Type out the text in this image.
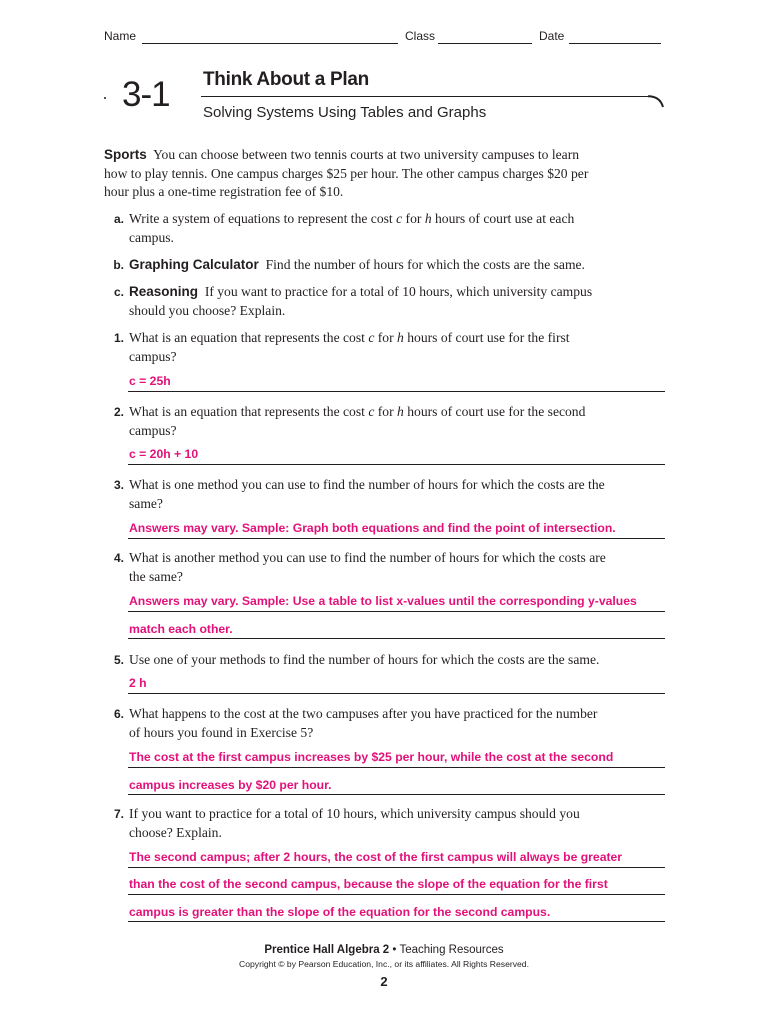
Name	Class	Date
3-1 Think About a Plan
Solving Systems Using Tables and Graphs
Sports You can choose between two tennis courts at two university campuses to learn how to play tennis. One campus charges $25 per hour. The other campus charges $20 per hour plus a one-time registration fee of $10.
a. Write a system of equations to represent the cost c for h hours of court use at each campus.
b. Graphing Calculator Find the number of hours for which the costs are the same.
c. Reasoning If you want to practice for a total of 10 hours, which university campus should you choose? Explain.
1. What is an equation that represents the cost c for h hours of court use for the first campus?
c = 25h
2. What is an equation that represents the cost c for h hours of court use for the second campus?
c = 20h + 10
3. What is one method you can use to find the number of hours for which the costs are the same?
Answers may vary. Sample: Graph both equations and find the point of intersection.
4. What is another method you can use to find the number of hours for which the costs are the same?
Answers may vary. Sample: Use a table to list x-values until the corresponding y-values
match each other.
5. Use one of your methods to find the number of hours for which the costs are the same.
2 h
6. What happens to the cost at the two campuses after you have practiced for the number of hours you found in Exercise 5?
The cost at the first campus increases by $25 per hour, while the cost at the second
campus increases by $20 per hour.
7. If you want to practice for a total of 10 hours, which university campus should you choose? Explain.
The second campus; after 2 hours, the cost of the first campus will always be greater
than the cost of the second campus, because the slope of the equation for the first
campus is greater than the slope of the equation for the second campus.
Prentice Hall Algebra 2 • Teaching Resources
Copyright © by Pearson Education, Inc., or its affiliates. All Rights Reserved.
2
